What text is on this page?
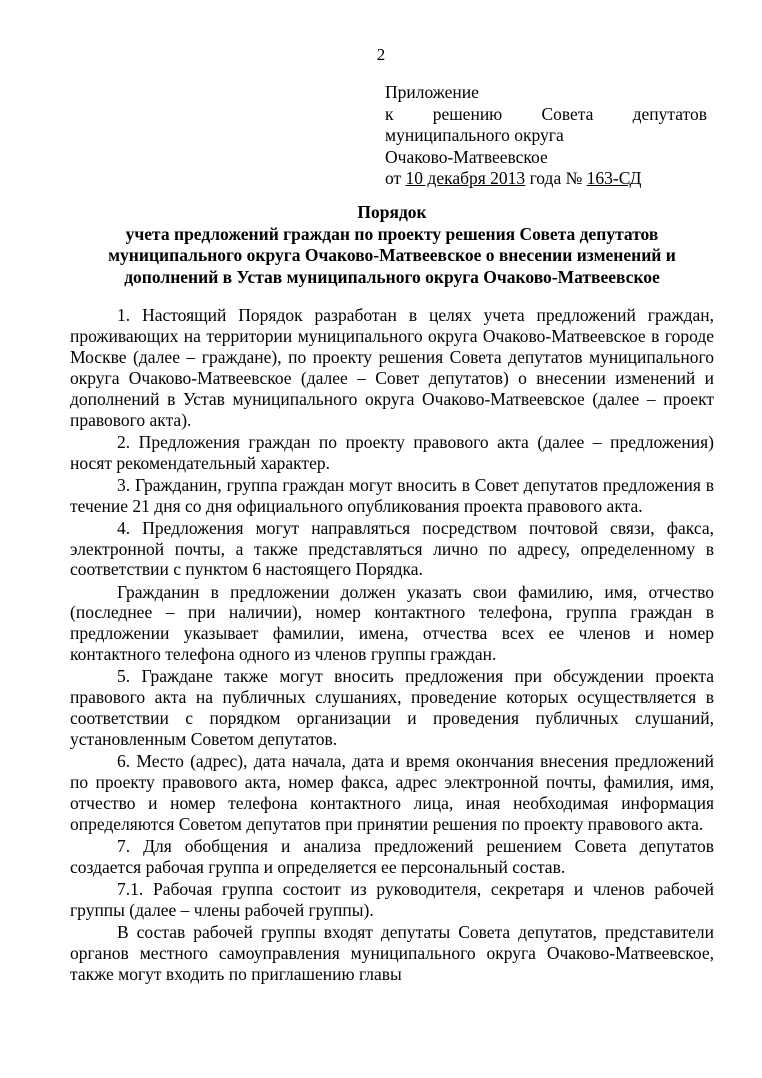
2
Приложение
к решению Совета депутатов
муниципального округа
Очаково-Матвеевское
от 10 декабря 2013 года № 163-СД
Порядок
учета предложений граждан по проекту решения Совета депутатов
муниципального округа Очаково-Матвеевское о внесении изменений и
дополнений в Устав муниципального округа Очаково-Матвеевское

1. Настоящий Порядок разработан в целях учета предложений граждан, проживающих на территории муниципального округа Очаково-Матвеевское в городе Москве (далее – граждане), по проекту решения Совета депутатов муниципального округа Очаково-Матвеевское (далее – Совет депутатов) о внесении изменений и дополнений в Устав муниципального округа Очаково-Матвеевское (далее – проект правового акта).

2. Предложения граждан по проекту правового акта (далее – предложения) носят рекомендательный характер.

3. Гражданин, группа граждан могут вносить в Совет депутатов предложения в течение 21 дня со дня официального опубликования проекта правового акта.

4. Предложения могут направляться посредством почтовой связи, факса, электронной почты, а также представляться лично по адресу, определенному в соответствии с пунктом 6 настоящего Порядка.

Гражданин в предложении должен указать свои фамилию, имя, отчество (последнее – при наличии), номер контактного телефона, группа граждан в предложении указывает фамилии, имена, отчества всех ее членов и номер контактного телефона одного из членов группы граждан.

5. Граждане также могут вносить предложения при обсуждении проекта правового акта на публичных слушаниях, проведение которых осуществляется в соответствии с порядком организации и проведения публичных слушаний, установленным Советом депутатов.

6. Место (адрес), дата начала, дата и время окончания внесения предложений по проекту правового акта, номер факса, адрес электронной почты, фамилия, имя, отчество и номер телефона контактного лица, иная необходимая информация определяются Советом депутатов при принятии решения по проекту правового акта.

7. Для обобщения и анализа предложений решением Совета депутатов создается рабочая группа и определяется ее персональный состав.

7.1. Рабочая группа состоит из руководителя, секретаря и членов рабочей группы (далее – члены рабочей группы).

В состав рабочей группы входят депутаты Совета депутатов, представители органов местного самоуправления муниципального округа Очаково-Матвеевское, также могут входить по приглашению главы
